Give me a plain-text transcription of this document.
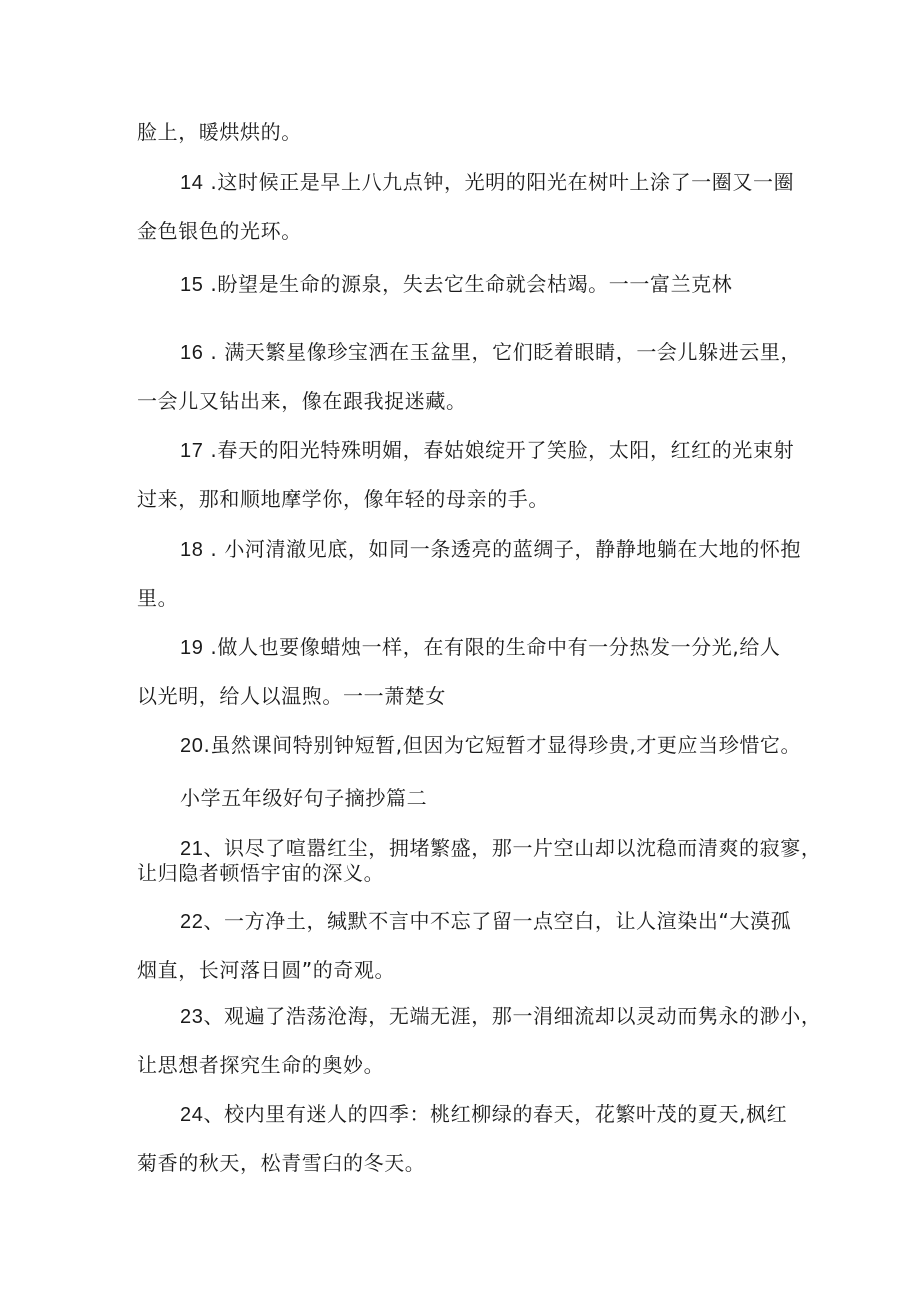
脸上，暖烘烘的。
14 .这时候正是早上八九点钟，光明的阳光在树叶上涂了一圈又一圈
金色银色的光环。
15 .盼望是生命的源泉，失去它生命就会枯竭。一一富兰克林
16 . 满天繁星像珍宝洒在玉盆里，它们眨着眼睛，一会儿躲进云里，
一会儿又钻出来，像在跟我捉迷藏。
17 .春天的阳光特殊明媚，春姑娘绽开了笑脸，太阳，红红的光束射
过来，那和顺地摩学你，像年轻的母亲的手。
18 . 小河清澈见底，如同一条透亮的蓝绸子，静静地躺在大地的怀抱
里。
19 .做人也要像蜡烛一样，在有限的生命中有一分热发一分光,给人
以光明，给人以温煦。一一萧楚女
20.虽然课间特别钟短暂,但因为它短暂才显得珍贵,才更应当珍惜它。
小学五年级好句子摘抄篇二
21、识尽了喧嚣红尘，拥堵繁盛，那一片空山却以沈稳而清爽的寂寥，
让归隐者顿悟宇宙的深义。
22、一方净土，缄默不言中不忘了留一点空白，让人渲染出“大漠孤
烟直，长河落日圆”的奇观。
23、观遍了浩荡沧海，无端无涯，那一涓细流却以灵动而隽永的渺小，
让思想者探究生命的奥妙。
24、校内里有迷人的四季：桃红柳绿的春天，花繁叶茂的夏天,枫红
菊香的秋天，松青雪臼的冬天。
